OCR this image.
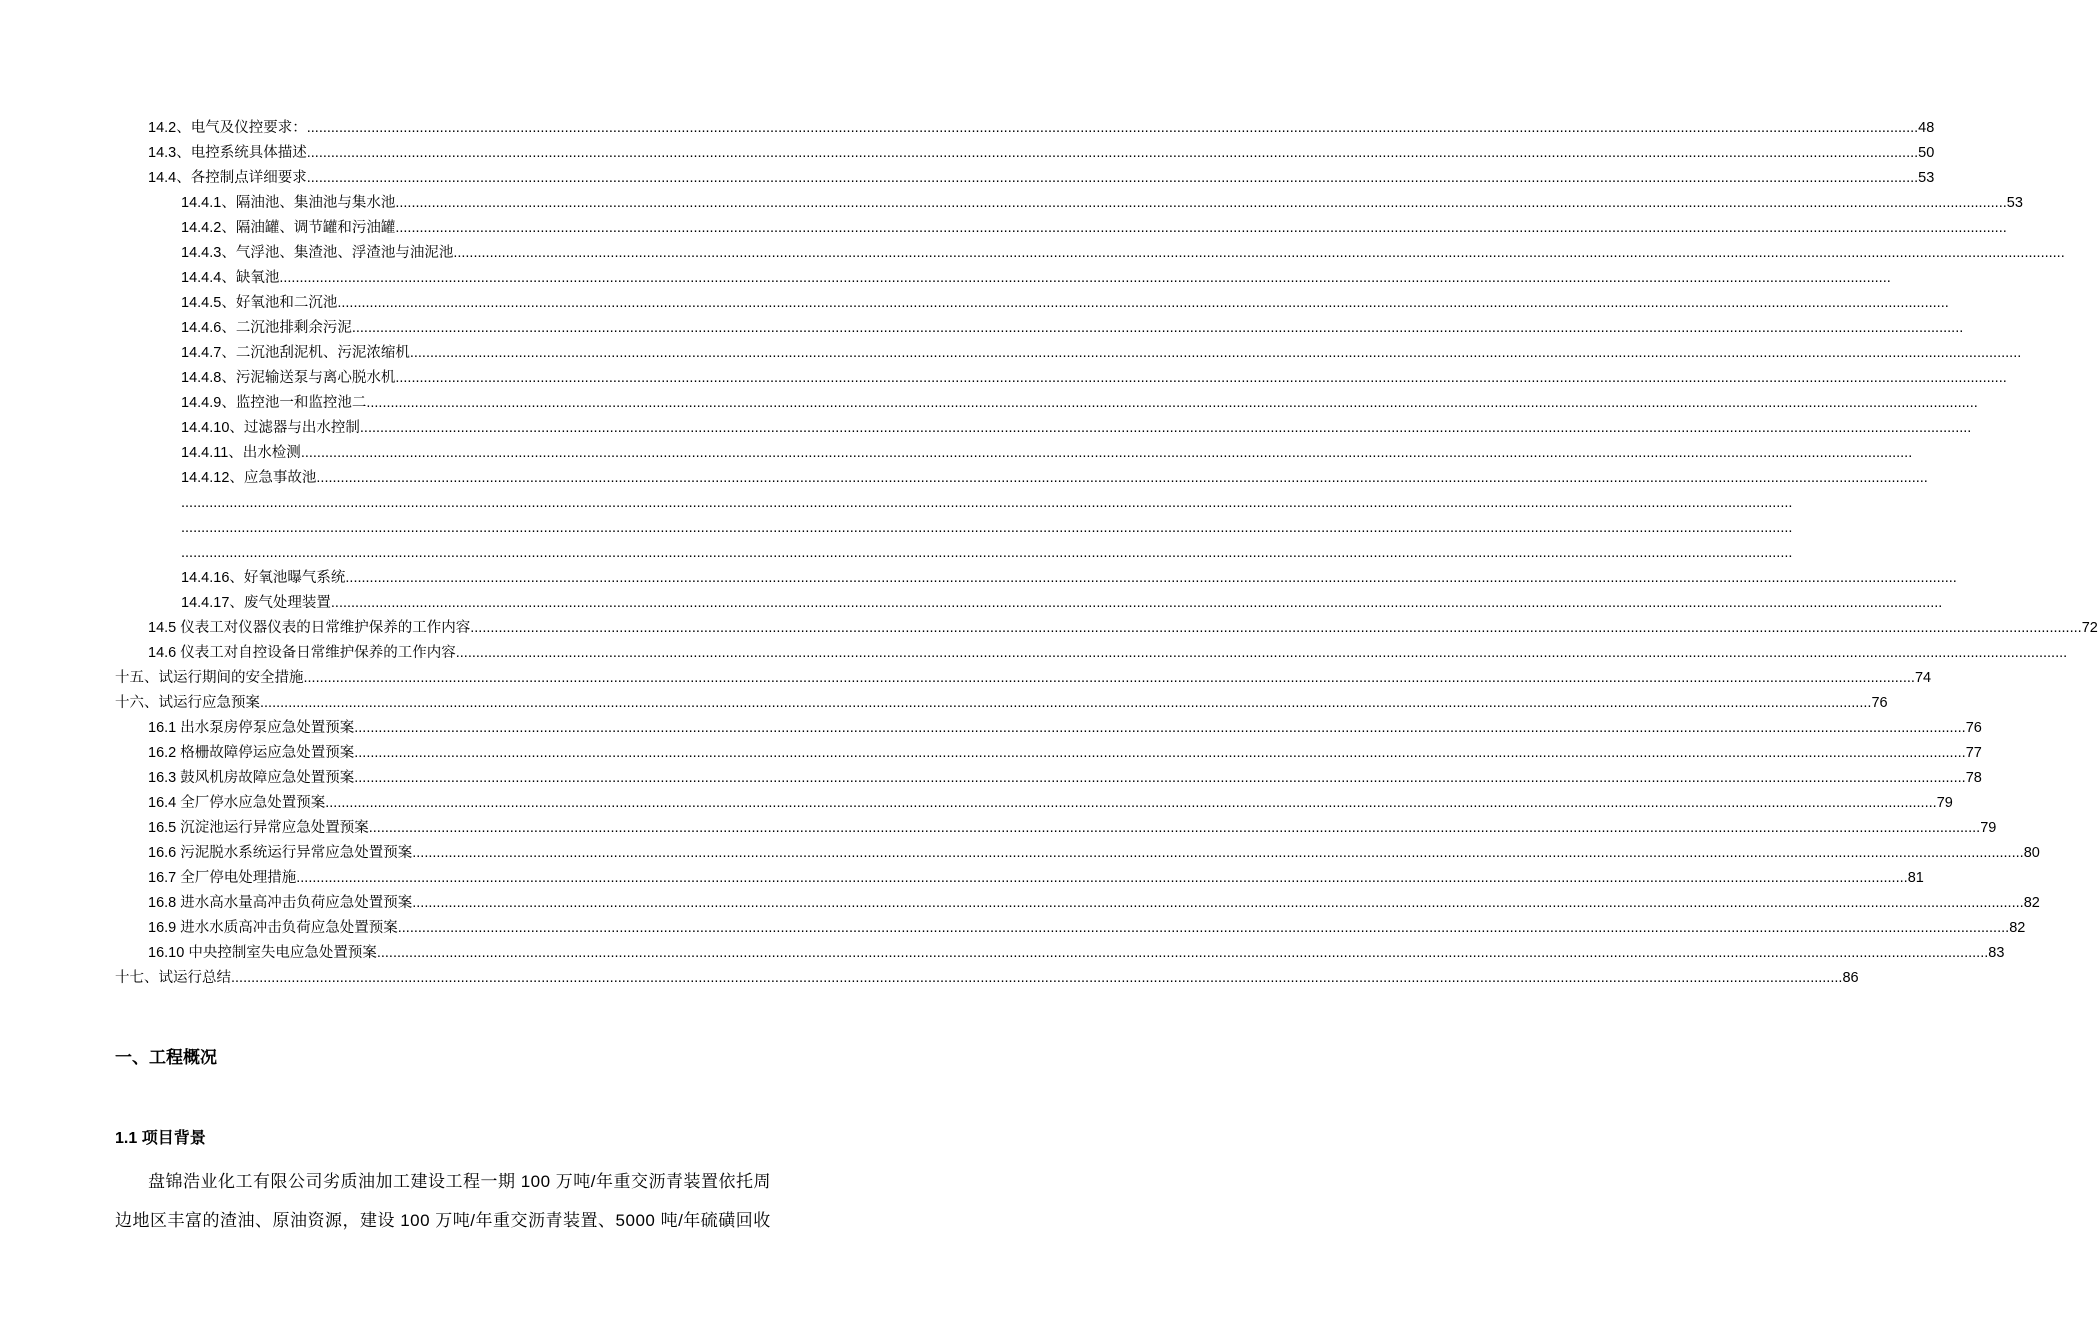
14.2、电气及仪控要求： ................................................................................................................................................................................................................................................................................................................................................................................................................ 48
14.3、电控系统具体描述 ................................................................................................................................................................................................................................................................................................................................................................................................................ 50
14.4、各控制点详细要求 ................................................................................................................................................................................................................................................................................................................................................................................................................ 53
14.4.1、隔油池、集油池与集水池 ................................................................................................................................................................................................................................................................................................................................................................................................................ 53
14.4.2、隔油罐、调节罐和污油罐 ................................................................................................................................................................................................................................................................................................................................................................................................................
14.4.3、气浮池、集渣池、浮渣池与油泥池 ................................................................................................................................................................................................................................................................................................................................................................................................................
14.4.4、缺氧池 ................................................................................................................................................................................................................................................................................................................................................................................................................
14.4.5、好氧池和二沉池 ................................................................................................................................................................................................................................................................................................................................................................................................................
14.4.6、二沉池排剩余污泥 ................................................................................................................................................................................................................................................................................................................................................................................................................
14.4.7、二沉池刮泥机、污泥浓缩机 ................................................................................................................................................................................................................................................................................................................................................................................................................
14.4.8、污泥输送泵与离心脱水机 ................................................................................................................................................................................................................................................................................................................................................................................................................
14.4.9、监控池一和监控池二 ................................................................................................................................................................................................................................................................................................................................................................................................................
14.4.10、过滤器与出水控制 ................................................................................................................................................................................................................................................................................................................................................................................................................
14.4.11、出水检测 ................................................................................................................................................................................................................................................................................................................................................................................................................
14.4.12、应急事故池 ................................................................................................................................................................................................................................................................................................................................................................................................................
................................................................................................................................................................................................................................................................................................................................................................................................................
................................................................................................................................................................................................................................................................................................................................................................................................................
................................................................................................................................................................................................................................................................................................................................................................................................................
14.4.16、好氧池曝气系统 ................................................................................................................................................................................................................................................................................................................................................................................................................
14.4.17、废气处理装置 ................................................................................................................................................................................................................................................................................................................................................................................................................
14.5 仪表工对仪器仪表的日常维护保养的工作内容 ................................................................................................................................................................................................................................................................................................................................................................................................................ 72
14.6 仪表工对自控设备日常维护保养的工作内容 ................................................................................................................................................................................................................................................................................................................................................................................................................
十五、试运行期间的安全措施 ................................................................................................................................................................................................................................................................................................................................................................................................................ 74
十六、试运行应急预案 ................................................................................................................................................................................................................................................................................................................................................................................................................ 76
16.1 出水泵房停泵应急处置预案 ................................................................................................................................................................................................................................................................................................................................................................................................................ 76
16.2 格栅故障停运应急处置预案 ................................................................................................................................................................................................................................................................................................................................................................................................................ 77
16.3 鼓风机房故障应急处置预案 ................................................................................................................................................................................................................................................................................................................................................................................................................ 78
16.4 全厂停水应急处置预案 ................................................................................................................................................................................................................................................................................................................................................................................................................ 79
16.5 沉淀池运行异常应急处置预案 ................................................................................................................................................................................................................................................................................................................................................................................................................ 79
16.6 污泥脱水系统运行异常应急处置预案 ................................................................................................................................................................................................................................................................................................................................................................................................................ 80
16.7 全厂停电处理措施 ................................................................................................................................................................................................................................................................................................................................................................................................................ 81
16.8 进水高水量高冲击负荷应急处置预案 ................................................................................................................................................................................................................................................................................................................................................................................................................ 82
16.9 进水水质高冲击负荷应急处置预案 ................................................................................................................................................................................................................................................................................................................................................................................................................ 82
16.10 中央控制室失电应急处置预案 ................................................................................................................................................................................................................................................................................................................................................................................................................ 83
十七、试运行总结 ................................................................................................................................................................................................................................................................................................................................................................................................................ 86
一、工程概况
1.1 项目背景
盘锦浩业化工有限公司劣质油加工建设工程一期 100 万吨/年重交沥青装置依托周
边地区丰富的渣油、原油资源，建设 100 万吨/年重交沥青装置、5000 吨/年硫磺回收
